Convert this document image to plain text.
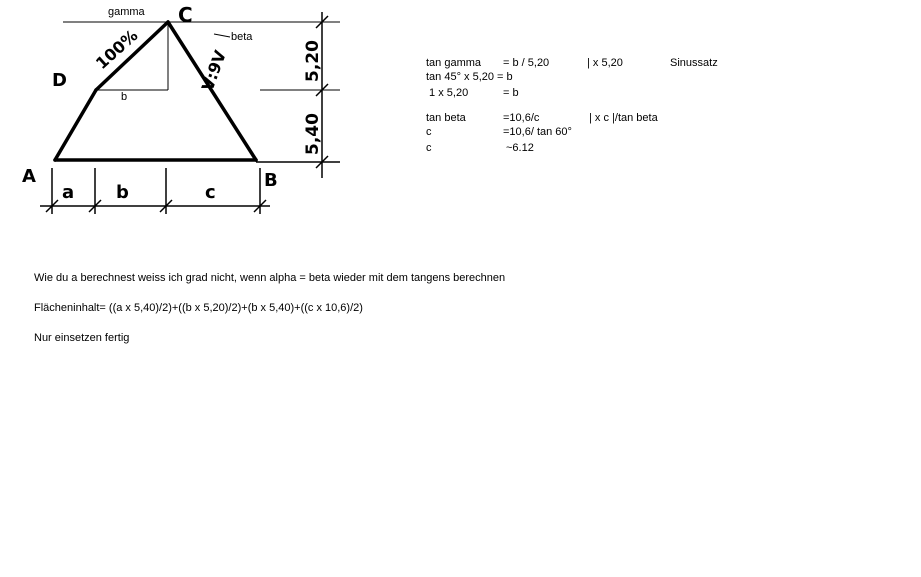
C
D
A	B
100%	V:9V	5,20
5,40
a b	c
gamma
beta
b
tan gamma = b / 5,20	| x 5,20	Sinussatz
tan 45° x 5,20 = b
1 x 5,20	= b
tan beta	=10,6/c	| x c |/tan beta
c	=10,6/ tan 60°
c	~6.12
Wie du a berechnest weiss ich grad nicht, wenn alpha = beta wieder mit dem tangens berechnen
Flächeninhalt= ((a x 5,40)/2)+((b x 5,20)/2)+(b x 5,40)+((c x 10,6)/2)
Nur einsetzen fertig
